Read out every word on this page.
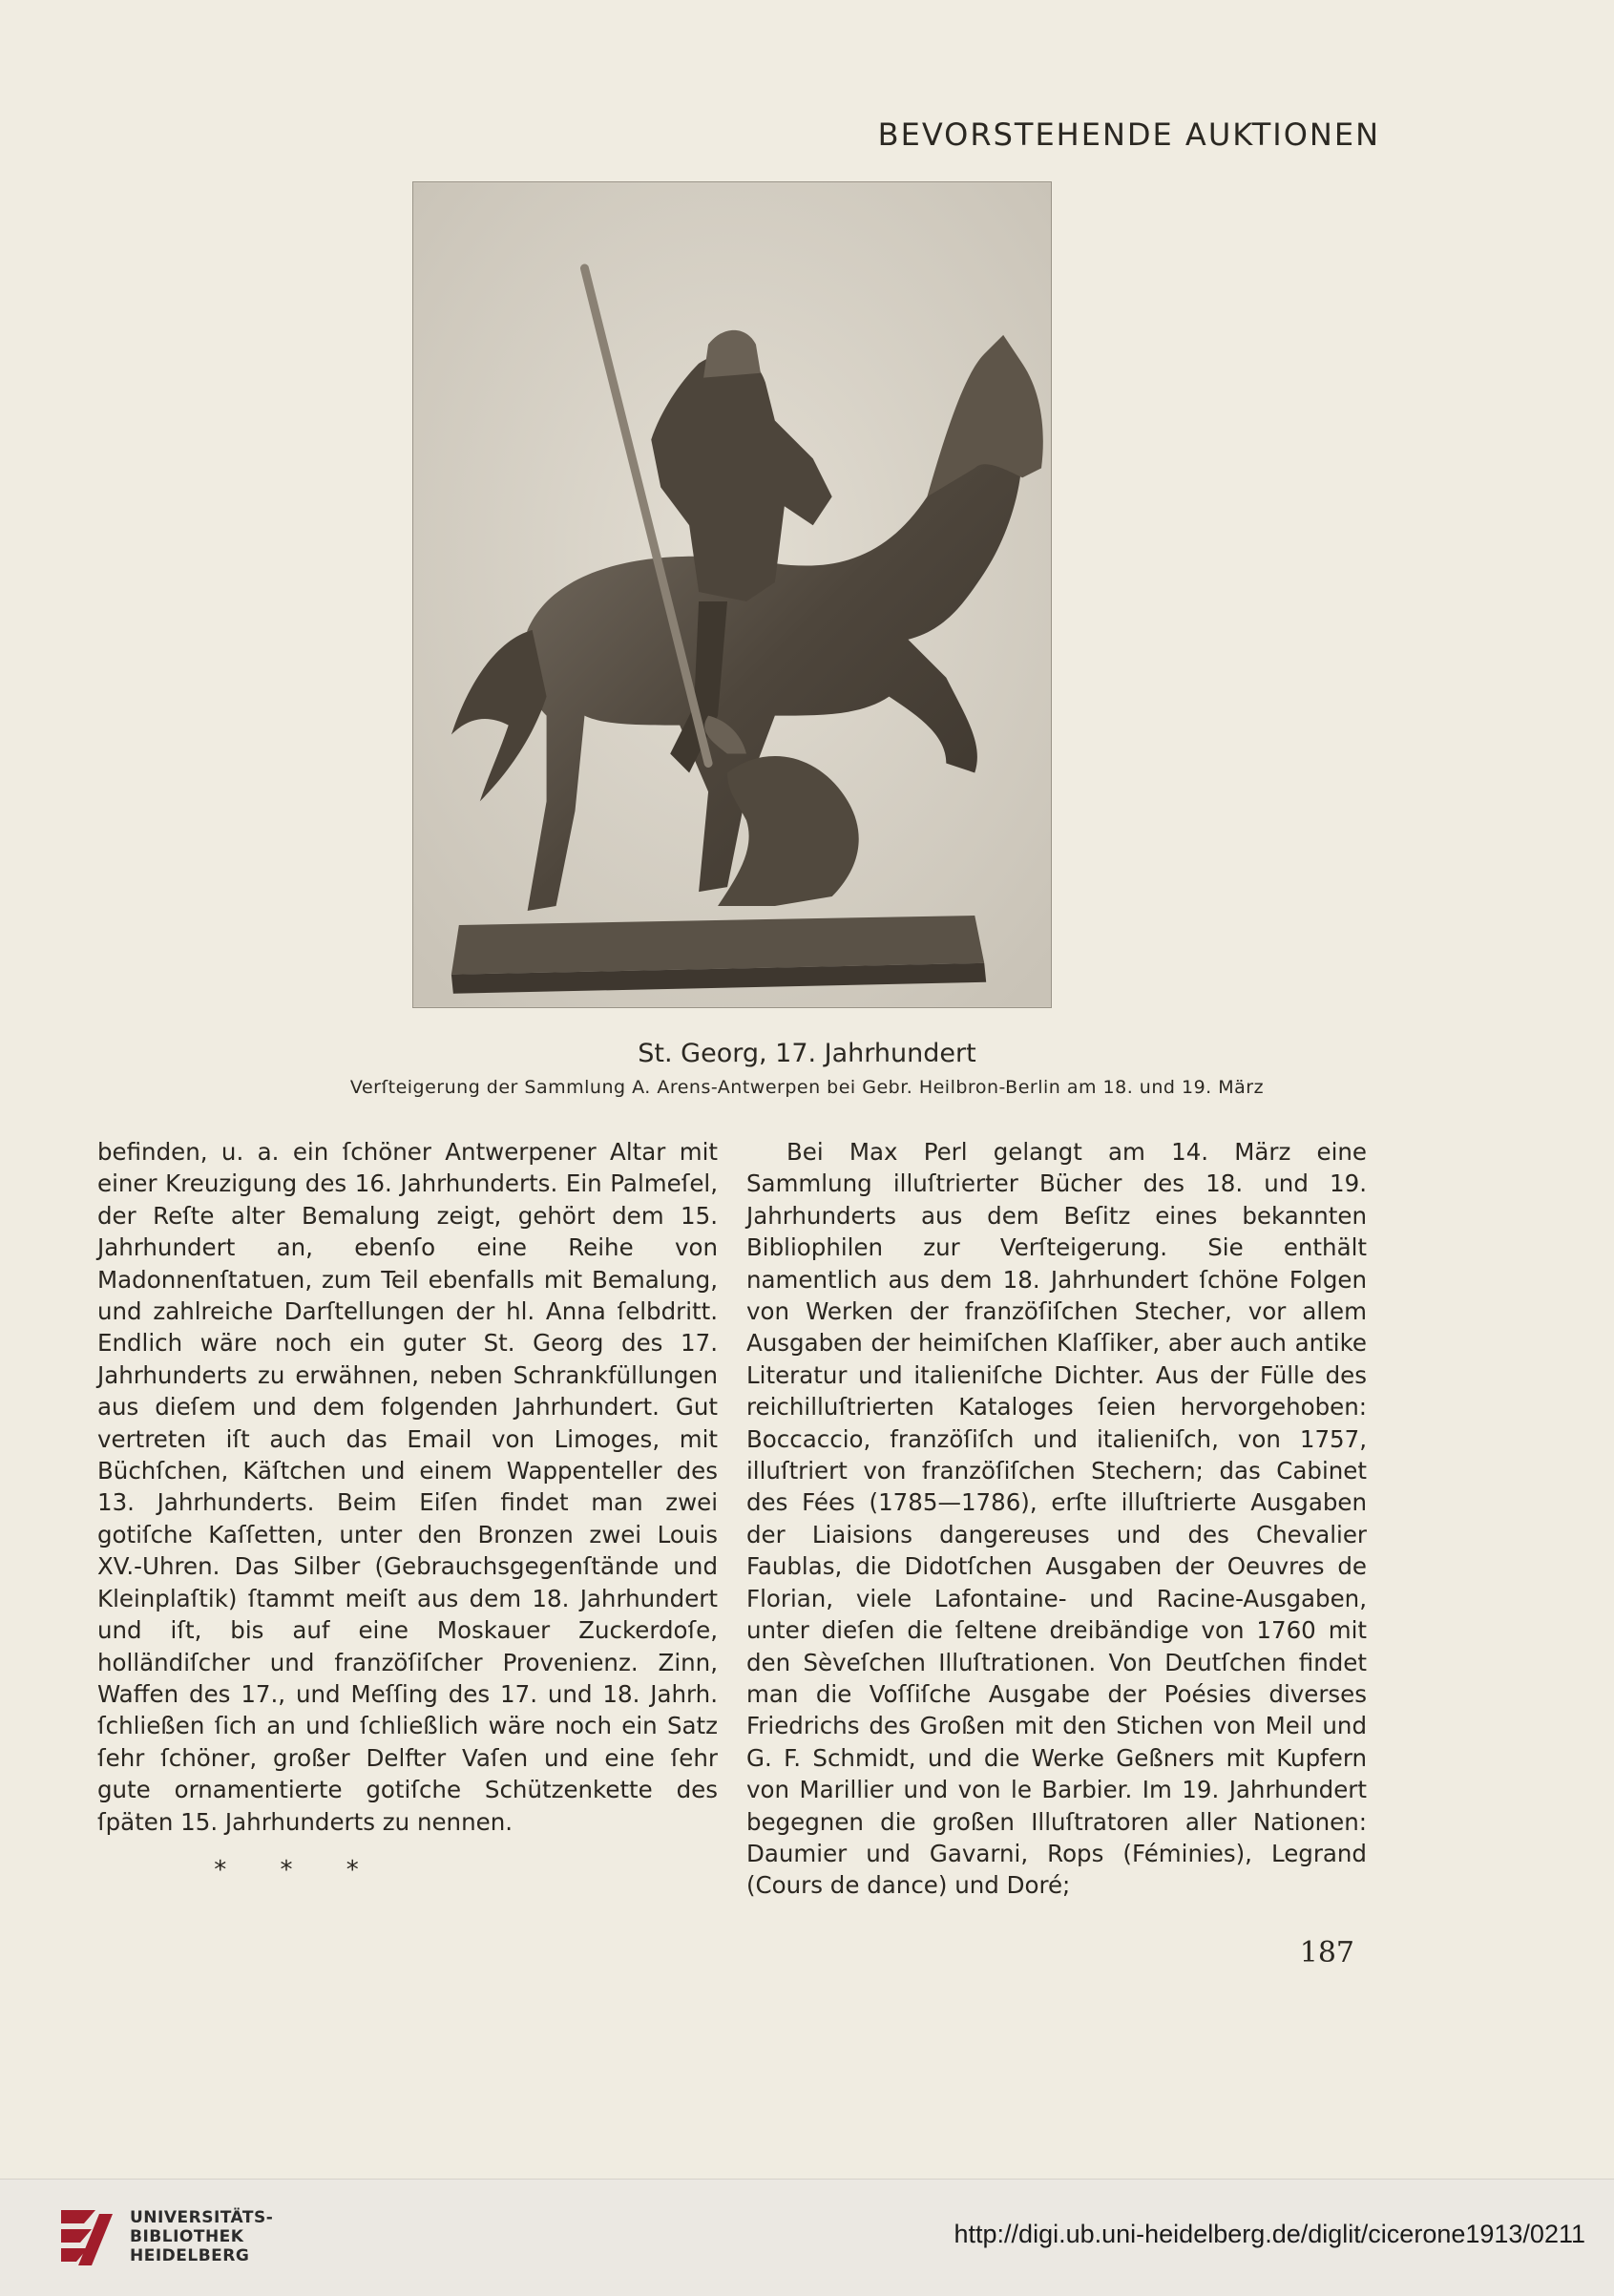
BEVORSTEHENDE AUKTIONEN
St. Georg, 17. Jahrhundert
Verſteigerung der Sammlung A. Arens-Antwerpen bei Gebr. Heilbron-Berlin am 18. und 19. März

befinden, u. a. ein ſchöner Antwerpener Altar mit einer Kreuzigung des 16. Jahrhunderts. Ein Palmeſel, der Reſte alter Bemalung zeigt, gehört dem 15. Jahrhundert an, ebenſo eine Reihe von Madonnenſtatuen, zum Teil ebenfalls mit Bemalung, und zahlreiche Darſtellungen der hl. Anna ſelbdritt. Endlich wäre noch ein guter St. Georg des 17. Jahrhunderts zu erwähnen, neben Schrankfüllungen aus dieſem und dem folgenden Jahrhundert. Gut vertreten iſt auch das Email von Limoges, mit Büchſchen, Käſtchen und einem Wappenteller des 13. Jahrhunderts. Beim Eiſen findet man zwei gotiſche Kaſſetten, unter den Bronzen zwei Louis XV.-Uhren. Das Silber (Gebrauchsgegenſtände und Kleinplaſtik) ſtammt meiſt aus dem 18. Jahrhundert und iſt, bis auf eine Moskauer Zuckerdoſe, holländiſcher und franzöſiſcher Provenienz. Zinn, Waffen des 17., und Meſſing des 17. und 18. Jahrh. ſchließen ſich an und ſchließlich wäre noch ein Satz ſehr ſchöner, großer Delfter Vaſen und eine ſehr gute ornamentierte gotiſche Schützenkette des ſpäten 15. Jahrhunderts zu nennen.

* * *

Bei Max Perl gelangt am 14. März eine Sammlung illuſtrierter Bücher des 18. und 19. Jahrhunderts aus dem Beſitz eines bekannten Bibliophilen zur Verſteigerung. Sie enthält namentlich aus dem 18. Jahrhundert ſchöne Folgen von Werken der franzöſiſchen Stecher, vor allem Ausgaben der heimiſchen Klaſſiker, aber auch antike Literatur und italieniſche Dichter. Aus der Fülle des reichilluſtrierten Kataloges ſeien hervorgehoben: Boccaccio, franzöſiſch und italieniſch, von 1757, illuſtriert von franzöſiſchen Stechern; das Cabinet des Fées (1785—1786), erſte illuſtrierte Ausgaben der Liaisions dangereuses und des Chevalier Faublas, die Didotſchen Ausgaben der Oeuvres de Florian, viele Lafontaine- und Racine-Ausgaben, unter dieſen die ſeltene dreibändige von 1760 mit den Sèveſchen Illuſtrationen. Von Deutſchen findet man die Voſſiſche Ausgabe der Poésies diverses Friedrichs des Großen mit den Stichen von Meil und G. F. Schmidt, und die Werke Geßners mit Kupfern von Marillier und von le Barbier. Im 19. Jahrhundert begegnen die großen Illuſtratoren aller Nationen: Daumier und Gavarni, Rops (Féminies), Legrand (Cours de dance) und Doré;

187
UNIVERSITÄTS-
BIBLIOTHEK
HEIDELBERG
http://digi.ub.uni-heidelberg.de/diglit/cicerone1913/0211
